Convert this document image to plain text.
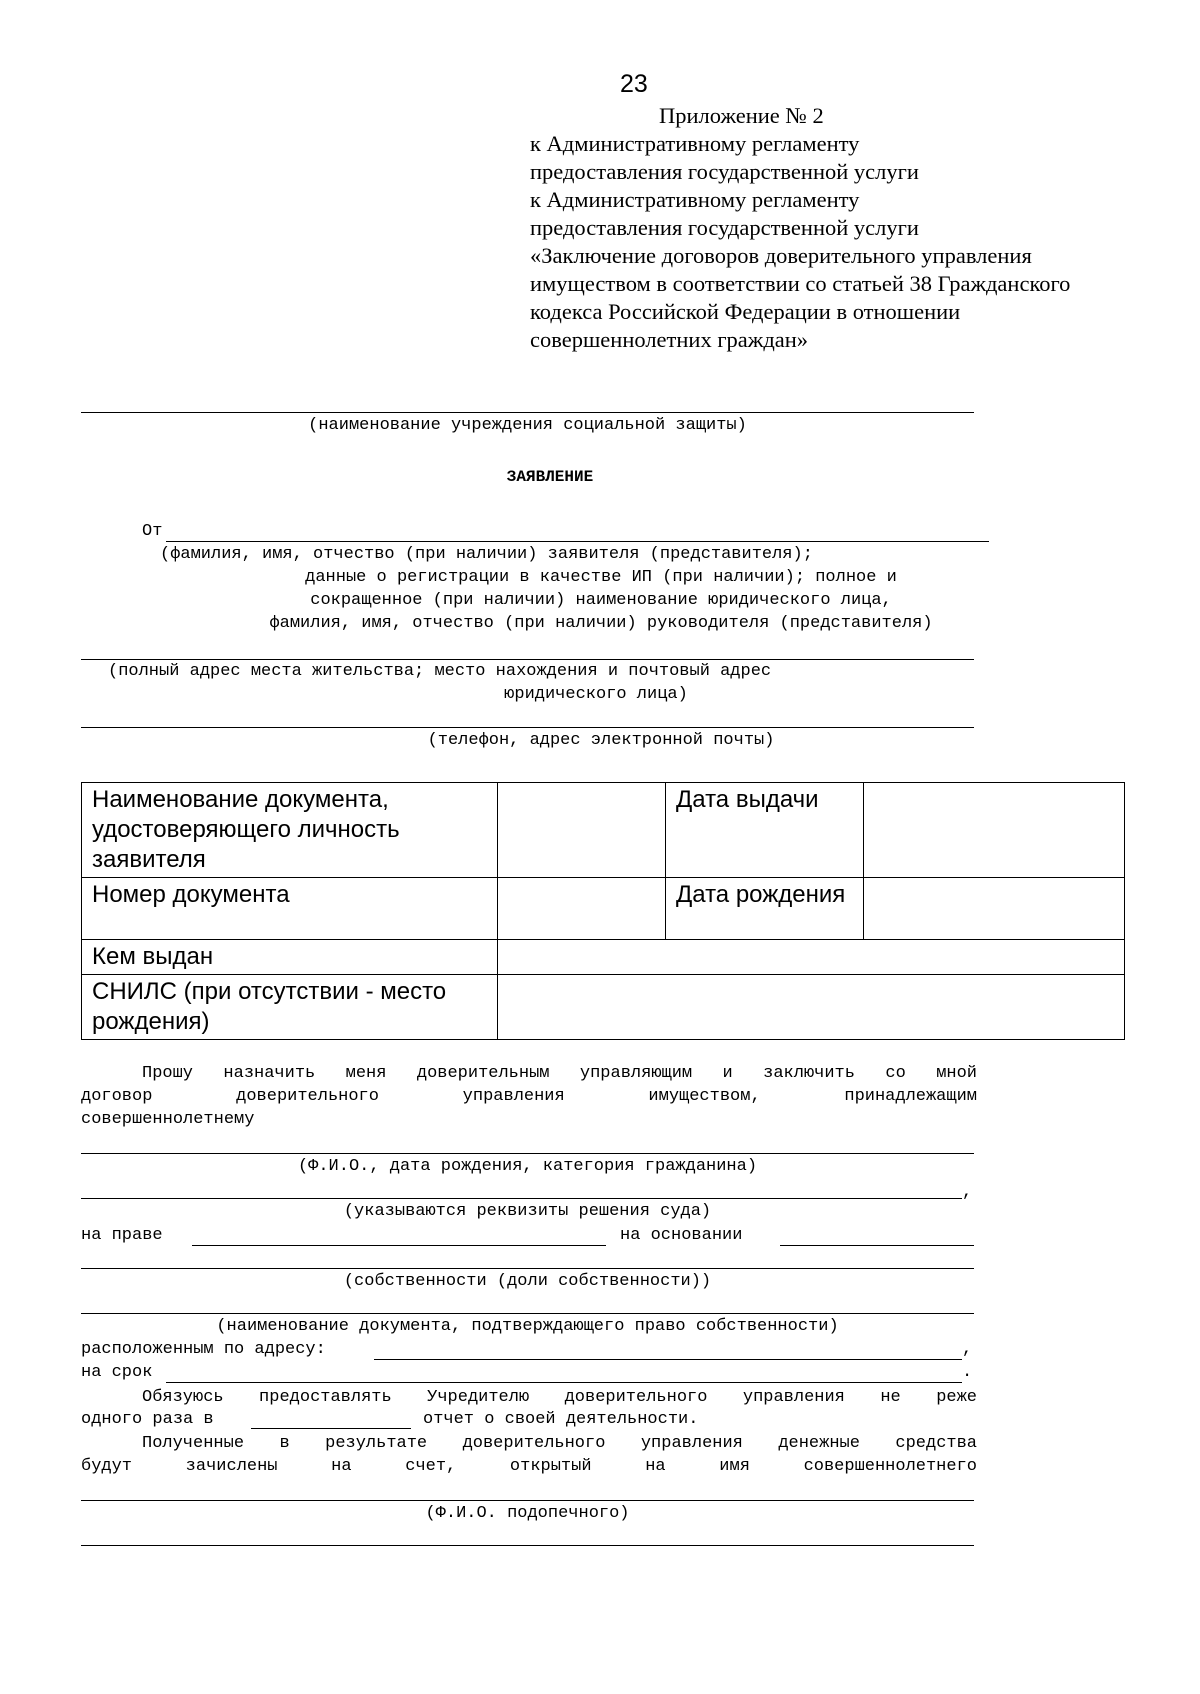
23
Приложение № 2
к Административному регламенту
предоставления государственной услуги
к Административному регламенту
предоставления государственной услуги
«Заключение договоров доверительного управления
имуществом в соответствии со статьей 38 Гражданского
кодекса Российской Федерации в отношении
совершеннолетних граждан»
(наименование учреждения социальной защиты)
ЗАЯВЛЕНИЕ
От
(фамилия, имя, отчество (при наличии) заявителя (представителя);
данные о регистрации в качестве ИП (при наличии); полное и
сокращенное (при наличии) наименование юридического лица,
фамилия, имя, отчество (при наличии) руководителя (представителя)
(полный адрес места жительства; место нахождения и почтовый адрес
юридического лица)
(телефон, адрес электронной почты)
Наименование документа, удостоверяющего личность заявителя		Дата выдачи	
Номер документа		Дата рождения	
Кем выдан			
СНИЛС (при отсутствии - место рождения)			
Прошу назначить меня доверительным управляющим и заключить со мной
договор доверительного управления имуществом, принадлежащим
совершеннолетнему
(Ф.И.О., дата рождения, категория гражданина)
,
(указываются реквизиты решения суда)
на праве	на основании
(собственности (доли собственности))
(наименование документа, подтверждающего право собственности)
расположенным по адресу:	,
на срок	.
Обязуюсь предоставлять Учредителю доверительного управления не реже
одного раза в	отчет о своей деятельности.
Полученные в результате доверительного управления денежные средства
будут зачислены на счет, открытый на имя совершеннолетнего
(Ф.И.О. подопечного)
